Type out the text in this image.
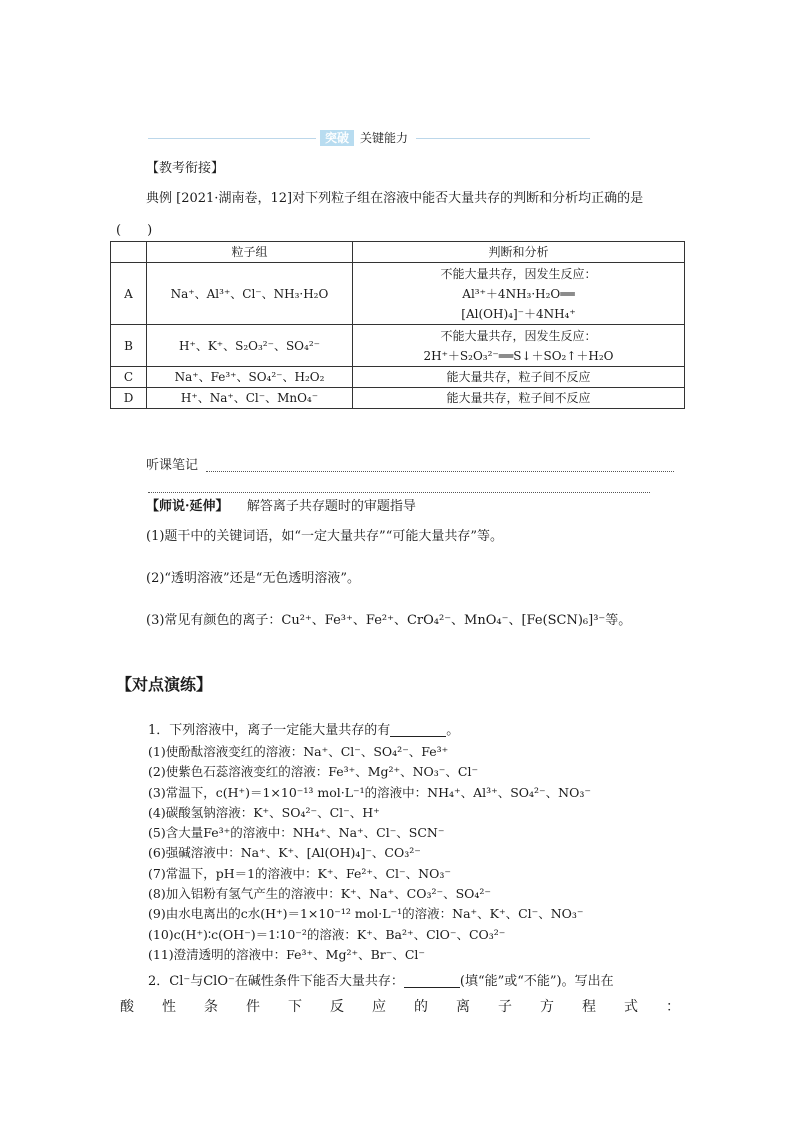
突破 关键能力
【教考衔接】
典例 [2021·湖南卷，12]对下列粒子组在溶液中能否大量共存的判断和分析均正确的是
(　　)
	粒子组	判断和分析
A	Na⁺、Al³⁺、Cl⁻、NH₃·H₂O	不能大量共存，因发生反应：
Al³⁺＋4NH₃·H₂O══
[Al(OH)₄]⁻＋4NH₄⁺

B	H⁺、K⁺、S₂O₃²⁻、SO₄²⁻	不能大量共存，因发生反应：
2H⁺＋S₂O₃²⁻══S↓＋SO₂↑＋H₂O

C	Na⁺、Fe³⁺、SO₄²⁻、H₂O₂	能大量共存，粒子间不反应
D	H⁺、Na⁺、Cl⁻、MnO₄⁻	能大量共存，粒子间不反应
听课笔记
【师说·延伸】 解答离子共存题时的审题指导
(1)题干中的关键词语，如“一定大量共存”“可能大量共存”等。
(2)“透明溶液”还是“无色透明溶液”。
(3)常见有颜色的离子：Cu²⁺、Fe³⁺、Fe²⁺、CrO₄²⁻、MnO₄⁻、[Fe(SCN)₆]³⁻等。
【对点演练】
1．下列溶液中，离子一定能大量共存的有	。
(1)使酚酞溶液变红的溶液：Na⁺、Cl⁻、SO₄²⁻、Fe³⁺
(2)使紫色石蕊溶液变红的溶液：Fe³⁺、Mg²⁺、NO₃⁻、Cl⁻
(3)常温下，c(H⁺)＝1×10⁻¹³ mol·L⁻¹的溶液中：NH₄⁺、Al³⁺、SO₄²⁻、NO₃⁻
(4)碳酸氢钠溶液：K⁺、SO₄²⁻、Cl⁻、H⁺
(5)含大量Fe³⁺的溶液中：NH₄⁺、Na⁺、Cl⁻、SCN⁻
(6)强碱溶液中：Na⁺、K⁺、[Al(OH)₄]⁻、CO₃²⁻
(7)常温下，pH＝1的溶液中：K⁺、Fe²⁺、Cl⁻、NO₃⁻
(8)加入铝粉有氢气产生的溶液中：K⁺、Na⁺、CO₃²⁻、SO₄²⁻
(9)由水电离出的c水(H⁺)＝1×10⁻¹² mol·L⁻¹的溶液：Na⁺、K⁺、Cl⁻、NO₃⁻
(10)c(H⁺)∶c(OH⁻)＝1∶10⁻²的溶液：K⁺、Ba²⁺、ClO⁻、CO₃²⁻
(11)澄清透明的溶液中：Fe³⁺、Mg²⁺、Br⁻、Cl⁻
2．Cl⁻与ClO⁻在碱性条件下能否大量共存：	(填“能”或“不能”)。写出在
酸 性 条 件 下 反 应 的 离 子 方 程 式 ：
